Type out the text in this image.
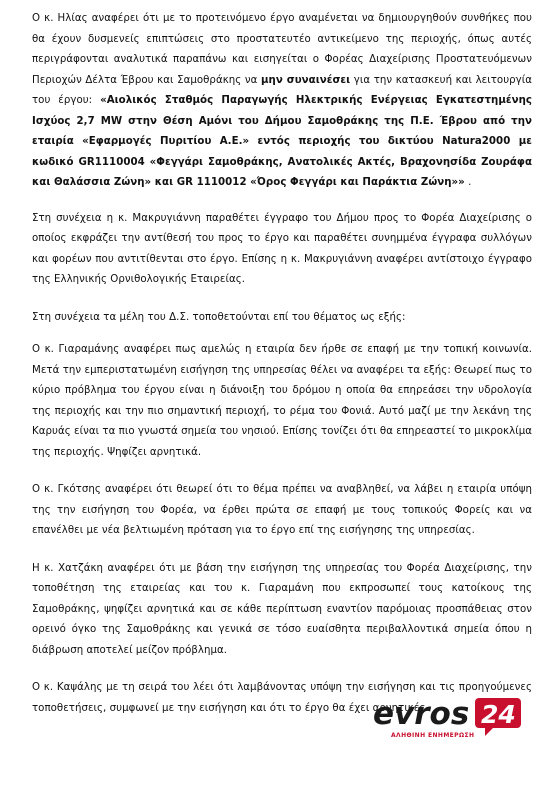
Ο κ. Ηλίας αναφέρει ότι με το προτεινόμενο έργο αναμένεται να δημιουργηθούν συνθήκες που θα έχουν δυσμενείς επιπτώσεις στο προστατευτέο αντικείμενο της περιοχής, όπως αυτές περιγράφονται αναλυτικά παραπάνω και εισηγείται ο Φορέας Διαχείρισης Προστατευόμενων Περιοχών Δέλτα Έβρου και Σαμοθράκης να μην συναινέσει για την κατασκευή και λειτουργία του έργου: «Αιολικός Σταθμός Παραγωγής Ηλεκτρικής Ενέργειας Εγκατεστημένης Ισχύος 2,7 MW στην Θέση Αμόνι του Δήμου Σαμοθράκης της Π.Ε. Έβρου από την εταιρία «Εφαρμογές Πυριτίου Α.Ε.» εντός περιοχής του δικτύου Natura2000 με κωδικό GR1110004 «Φεγγάρι Σαμοθράκης, Ανατολικές Ακτές, Βραχονησίδα Ζουράφα και Θαλάσσια Ζώνη» και GR 1110012 «Όρος Φεγγάρι και Παράκτια Ζώνη»» .

Στη συνέχεια η κ. Μακρυγιάννη παραθέτει έγγραφο του Δήμου προς το Φορέα Διαχείρισης ο οποίος εκφράζει την αντίθεσή του προς το έργο και παραθέτει συνημμένα έγγραφα συλλόγων και φορέων που αντιτίθενται στο έργο. Επίσης η κ. Μακρυγιάννη αναφέρει αντίστοιχο έγγραφο της Ελληνικής Ορνιθολογικής Εταιρείας.

Στη συνέχεια τα μέλη του Δ.Σ. τοποθετούνται επί του θέματος ως εξής:

Ο κ. Γιαραμάνης αναφέρει πως αμελώς η εταιρία δεν ήρθε σε επαφή με την τοπική κοινωνία. Μετά την εμπεριστατωμένη εισήγηση της υπηρεσίας θέλει να αναφέρει τα εξής: Θεωρεί πως το κύριο πρόβλημα του έργου είναι η διάνοιξη του δρόμου η οποία θα επηρεάσει την υδρολογία της περιοχής και την πιο σημαντική περιοχή, το ρέμα του Φονιά. Αυτό μαζί με την λεκάνη της Καρυάς είναι τα πιο γνωστά σημεία του νησιού. Επίσης τονίζει ότι θα επηρεαστεί το μικροκλίμα της περιοχής. Ψηφίζει αρνητικά.

Ο κ. Γκότσης αναφέρει ότι θεωρεί ότι το θέμα πρέπει να αναβληθεί, να λάβει η εταιρία υπόψη της την εισήγηση του Φορέα, να έρθει πρώτα σε επαφή με τους τοπικούς Φορείς και να επανέλθει με νέα βελτιωμένη πρόταση για το έργο επί της εισήγησης της υπηρεσίας.

Η κ. Χατζάκη αναφέρει ότι με βάση την εισήγηση της υπηρεσίας του Φορέα Διαχείρισης, την τοποθέτηση της εταιρείας και του κ. Γιαραμάνη που εκπροσωπεί τους κατοίκους της Σαμοθράκης, ψηφίζει αρνητικά και σε κάθε περίπτωση εναντίον παρόμοιας προσπάθειας στον ορεινό όγκο της Σαμοθράκης και γενικά σε τόσο ευαίσθητα περιβαλλοντικά σημεία όπου η διάβρωση αποτελεί μείζον πρόβλημα.

Ο κ. Καψάλης με τη σειρά του λέει ότι λαμβάνοντας υπόψη την εισήγηση και τις προηγούμενες τοποθετήσεις, συμφωνεί με την εισήγηση και ότι το έργο θα έχει αρνητικές

evros 24
ΑΛΗΘΙΝΗ ΕΝΗΜΕΡΩΣΗ
